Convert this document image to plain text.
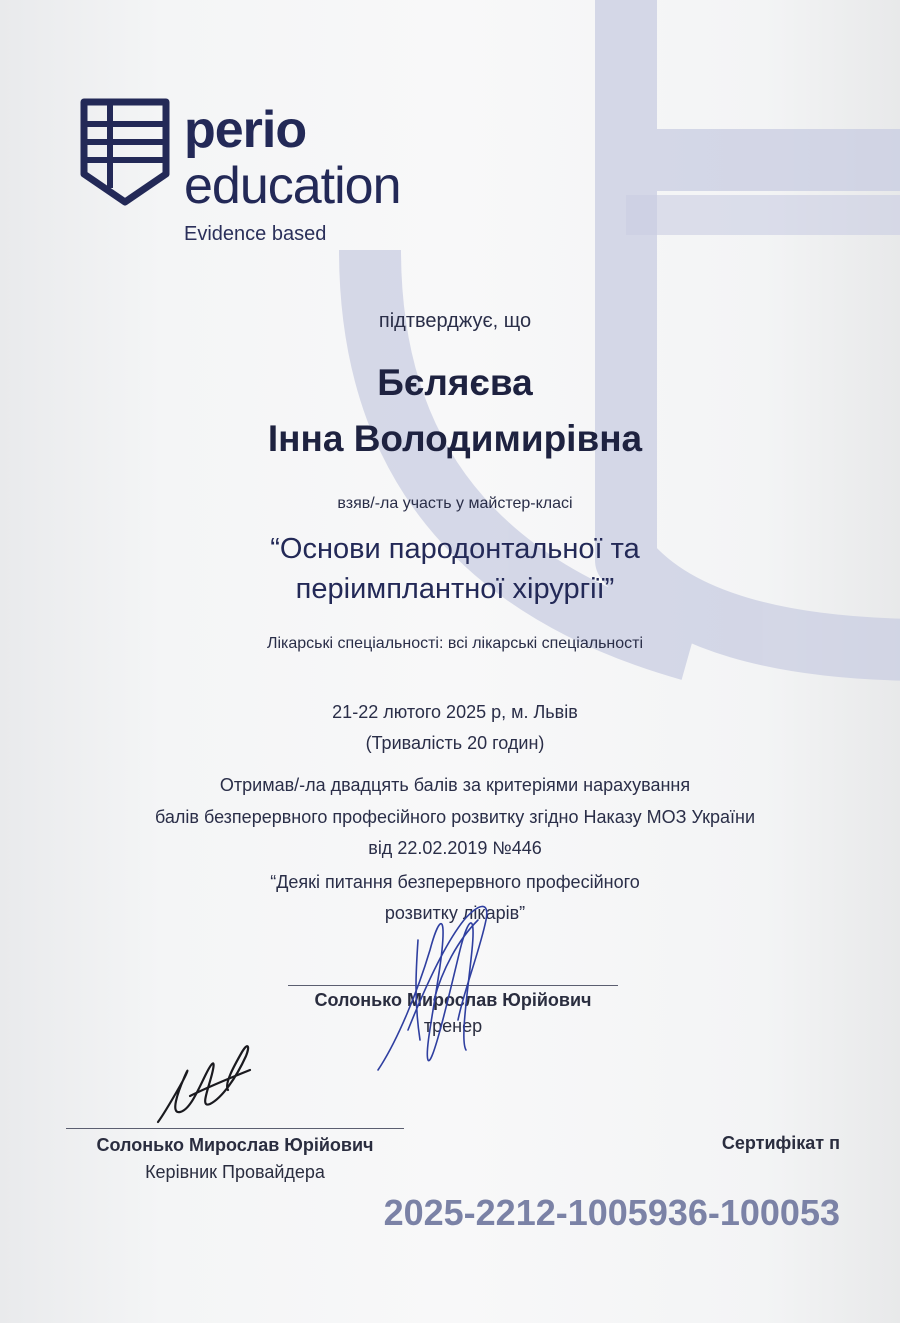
perio
education
Evidence based
підтверджує, що
Бєляєва
Інна Володимирівна
взяв/-ла участь у майстер-класі
“Основи пародонтальної та
періимплантної хірургії”
Лікарські спеціальності: всі лікарські спеціальності
21-22 лютого 2025 р, м. Львів
(Тривалість 20 годин)
Отримав/-ла двадцять балів за критеріями нарахування
балів безперервного професійного розвитку згідно Наказу МОЗ України
від 22.02.2019 №446
“Деякі питання безперервного професійного
розвитку лікарів”
Солонько Мирослав Юрійович
тренер
Солонько Мирослав Юрійович
Керівник Провайдера
Сертифікат п
2025-2212-1005936-100053
